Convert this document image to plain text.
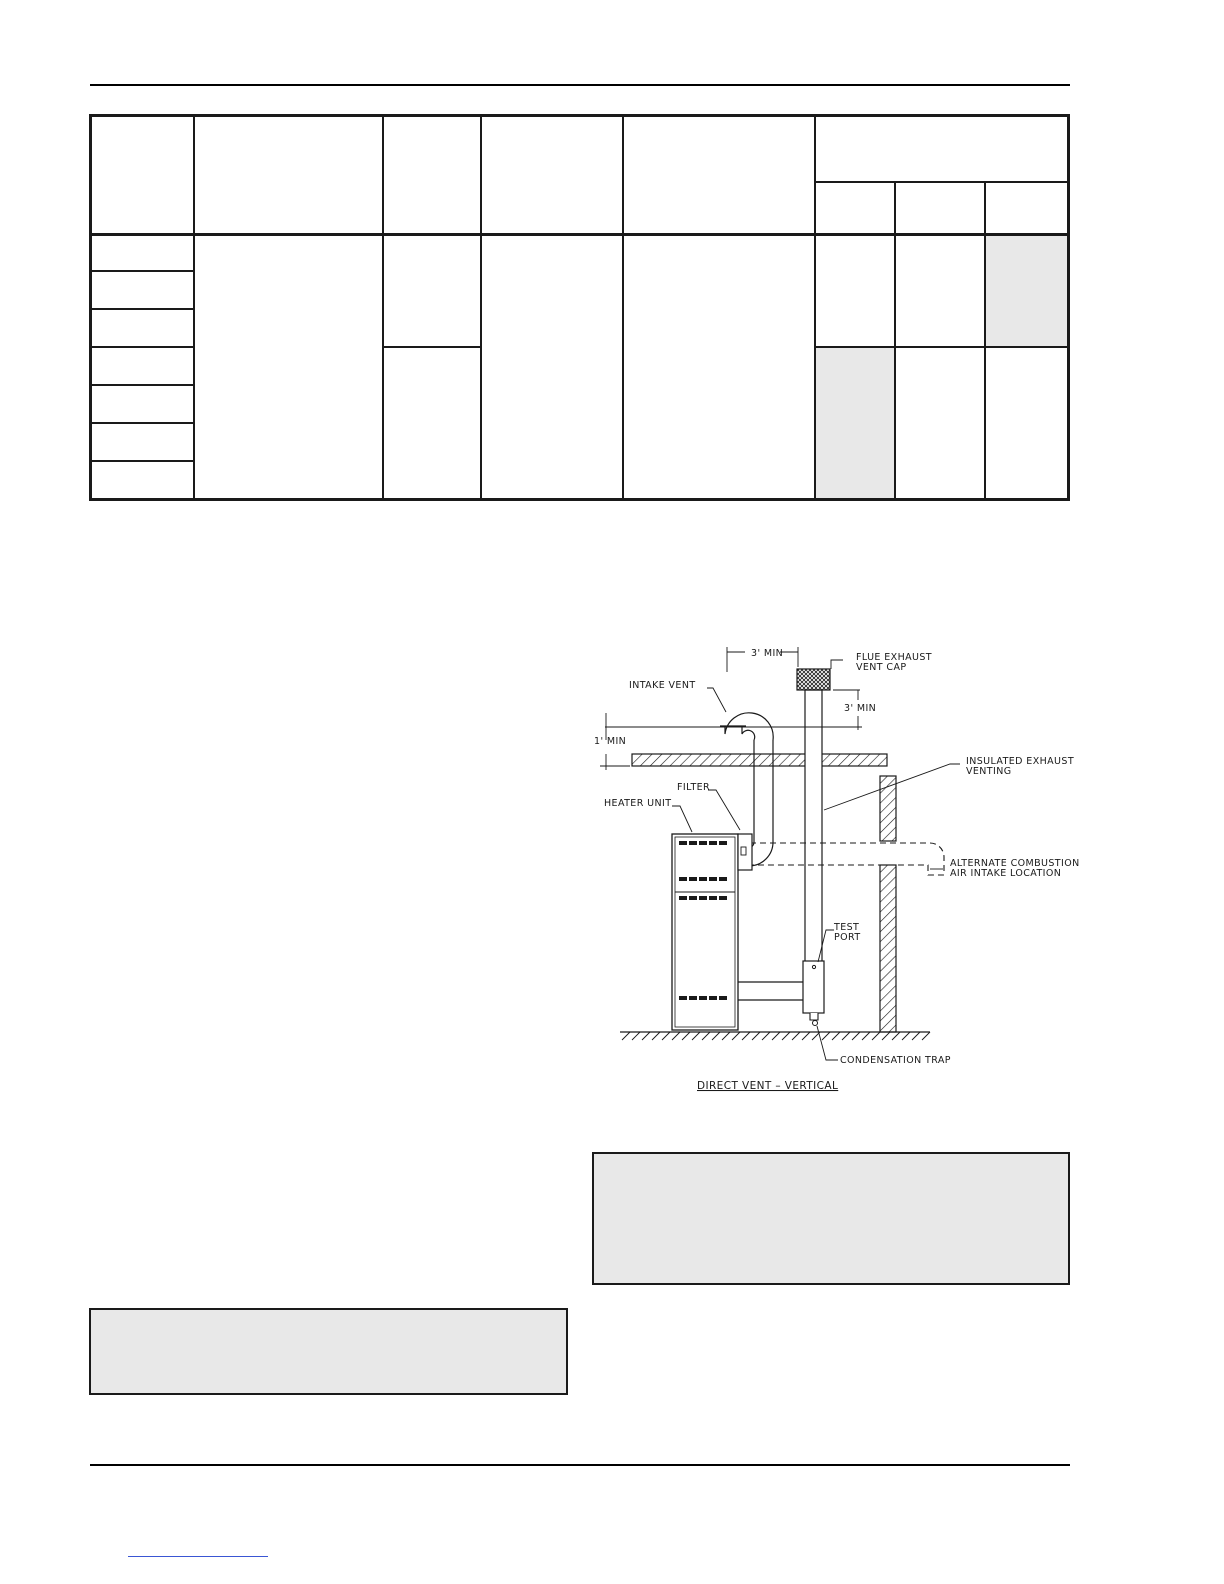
INTAKE VENT
3' MIN	FLUE EXHAUST
VENT CAP
3' MIN
1' MIN
INSULATED EXHAUST
VENTING
FILTER
HEATER UNIT
ALTERNATE COMBUSTION
AIR INTAKE LOCATION
TEST
PORT
CONDENSATION TRAP
DIRECT VENT – VERTICAL
